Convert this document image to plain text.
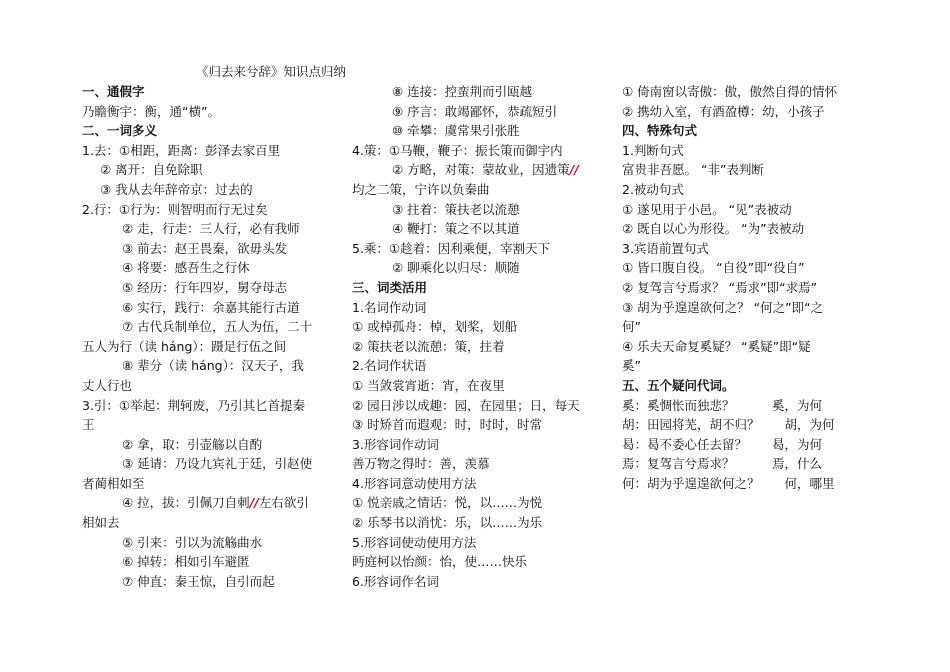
《归去来兮辞》知识点归纳
一、通假字
乃瞻衡宇：衡，通“横”。
二、一词多义
1.去：①相距，距离：彭泽去家百里
② 离开：自免除职
③ 我从去年辞帝京：过去的
2.行：①行为：则智明而行无过矣
② 走，行走：三人行，必有我师
③ 前去：赵王畏秦，欲毋头发
④ 将要：感吾生之行休
⑤ 经历：行年四岁，舅夺母志
⑥ 实行，践行：余嘉其能行古道
⑦ 古代兵制单位，五人为伍，二十
五人为行（读 háng）：蹑足行伍之间
⑧ 辈分（读 háng）：汉天子，我
丈人行也
3.引：①举起：荆轲废，乃引其匕首提秦
王
② 拿，取：引壶觞以自酌
③ 延请：乃设九宾礼于廷，引赵使
者蔺相如至
④ 拉，拔：引佩刀自刺//左右欲引
相如去
⑤ 引来：引以为流觞曲水
⑥ 掉转：相如引车避匿
⑦ 伸直：秦王惊，自引而起
⑧ 连接：控蛮荆而引瓯越
⑨ 序言：敢竭鄙怀，恭疏短引
⑩ 牵攀：虞常果引张胜
4.策：①马鞭，鞭子：振长策而御宇内
② 方略，对策：蒙故业，因遗策//
均之二策，宁许以负秦曲
③ 拄着：策扶老以流憩
④ 鞭打：策之不以其道
5.乘：①趁着：因利乘便，宰割天下
② 聊乘化以归尽：顺随
三、词类活用
1.名词作动词
① 或棹孤舟：棹，划桨，划船
② 策扶老以流憩：策，拄着
2.名词作状语
① 当敛裳宵逝：宵，在夜里
② 园日涉以成趣：园，在园里；日，每天
③ 时矫首而遐观：时，时时，时常
3.形容词作动词
善万物之得时：善，羡慕
4.形容词意动使用方法
① 悦亲戚之情话：悦，以……为悦
② 乐琴书以消忧：乐，以……为乐
5.形容词使动使用方法
眄庭柯以怡颜：怡，使……快乐
6.形容词作名词
① 倚南窗以寄傲：傲，傲然自得的情怀
② 携幼入室，有酒盈樽：幼，小孩子
四、特殊句式
1.判断句式
富贵非吾愿。 “非”表判断
2.被动句式
① 遂见用于小邑。 “见”表被动
② 既自以心为形役。 “为”表被动
3.宾语前置句式
① 皆口腹自役。 “自役”即“役自”
② 复驾言兮焉求？ “焉求”即“求焉”
③ 胡为乎遑遑欲何之？ “何之”即“之
何”
④ 乐夫天命复奚疑？ “奚疑”即“疑
奚”
五、五个疑问代词。
奚：奚惆怅而独悲？　　　奚，为何
胡：田园将芜，胡不归？　　胡，为何
曷：曷不委心任去留？　　曷，为何
焉：复驾言兮焉求？　　　焉，什么
何：胡为乎遑遑欲何之？　　何，哪里
